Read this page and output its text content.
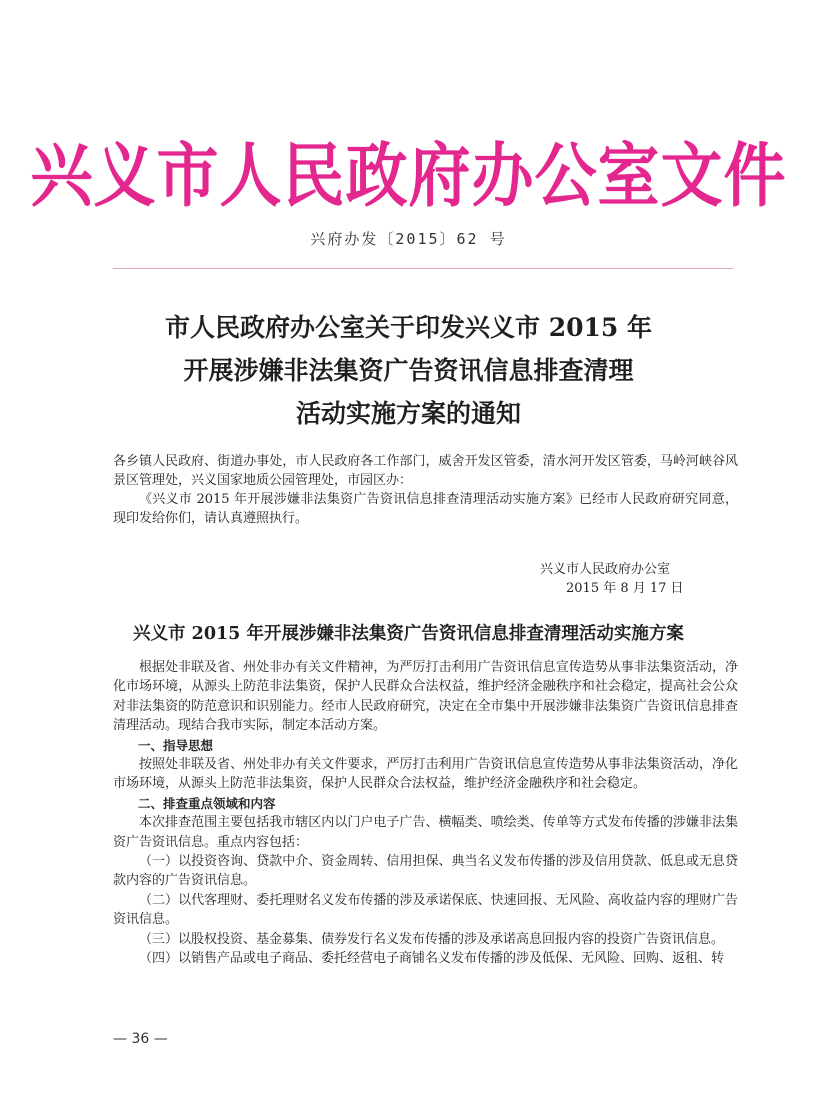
兴义市人民政府办公室文件
兴府办发〔2015〕62 号
市人民政府办公室关于印发兴义市 2015 年
开展涉嫌非法集资广告资讯信息排查清理
活动实施方案的通知

各乡镇人民政府、街道办事处，市人民政府各工作部门，威舍开发区管委，清水河开发区管委，马岭河峡谷风景区管理处，兴义国家地质公园管理处，市园区办：

《兴义市 2015 年开展涉嫌非法集资广告资讯信息排查清理活动实施方案》已经市人民政府研究同意，现印发给你们，请认真遵照执行。

兴义市人民政府办公室
2015 年 8 月 17 日
兴义市 2015 年开展涉嫌非法集资广告资讯信息排查清理活动实施方案

根据处非联及省、州处非办有关文件精神，为严厉打击利用广告资讯信息宣传造势从事非法集资活动，净化市场环境，从源头上防范非法集资，保护人民群众合法权益，维护经济金融秩序和社会稳定，提高社会公众对非法集资的防范意识和识别能力。经市人民政府研究，决定在全市集中开展涉嫌非法集资广告资讯信息排查清理活动。现结合我市实际，制定本活动方案。

一、指导思想

按照处非联及省、州处非办有关文件要求，严厉打击利用广告资讯信息宣传造势从事非法集资活动，净化市场环境，从源头上防范非法集资，保护人民群众合法权益，维护经济金融秩序和社会稳定。

二、排查重点领域和内容

本次排查范围主要包括我市辖区内以门户电子广告、横幅类、喷绘类、传单等方式发布传播的涉嫌非法集资广告资讯信息。重点内容包括：

（一）以投资咨询、贷款中介、资金周转、信用担保、典当名义发布传播的涉及信用贷款、低息或无息贷款内容的广告资讯信息。

（二）以代客理财、委托理财名义发布传播的涉及承诺保底、快速回报、无风险、高收益内容的理财广告资讯信息。

（三）以股权投资、基金募集、债券发行名义发布传播的涉及承诺高息回报内容的投资广告资讯信息。

（四）以销售产品或电子商品、委托经营电子商铺名义发布传播的涉及低保、无风险、回购、返租、转

— 36 —
